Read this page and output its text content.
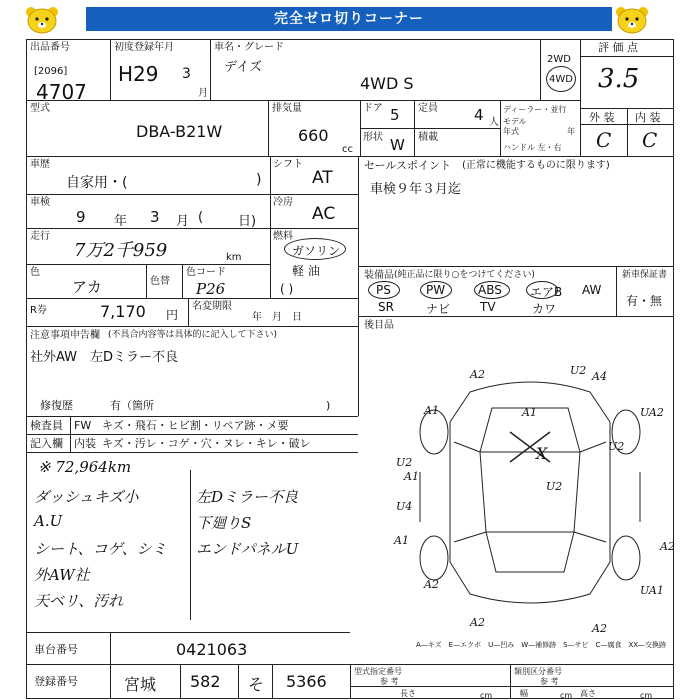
完全ゼロ切りコーナー
出品番号
[2096]
4707
初度登録年月
H29 3
月
車名・グレード
デイズ
4WD S
2WD
4WD
評 価 点
3.5
外 装 内 装
C C
型式
DBA-B21W
排気量
660
cc
ドア 5 定員 4 人
形状 W 積載
ディーラー・並行
モデル
年式	年
ハンドル 左・右
車歴
自家用・(	)
シフト
AT
車検
9 年 3 月 (	日)
冷房
AC
走行
7万2千959	km
燃料
ガソリン
軽 油
( )
色
アカ	色替
色コード
P26
R券	7,170 円
名変期限
年　月　日
注意事項申告欄 (不具合内容等は具体的に記入して下さい)
社外AW　左Dミラー不良
修復歴	有（箇所	)
検査員 FW キズ・飛石・ヒビ割・リペア跡・メ要
記入欄 内装 キズ・汚レ・コゲ・穴・ヌレ・キレ・破レ
※ 72,964km
ダッシュキズ小
A.U
シート、コゲ、シミ
外AW社
天ベリ、汚れ
左Dミラー不良
下廻りS
エンドパネルU
セールスポイント (正常に機能するものに限ります)
車検９年３月迄
装備品 (純正品に限り○をつけてください)	新車保証書
有・無
PS	PW	ABS エアB AW
SR	ナビ TV	カワ
後目品
A2	U2 A4
A1	A1	UA2
U2
A1
U2
U2
U4
A1	A2
A2	UA1
A2	A2
X
A—キズ　E—エクボ　U—凹み　W—補修跡　S—サビ　C—腐食　XX—交換跡
車台番号	0421063
登録番号	宮城 582 そ 5366
型式指定番号
参 考
類別区分番号
参 考
長さ	cm	幅	cm 高さ	cm
